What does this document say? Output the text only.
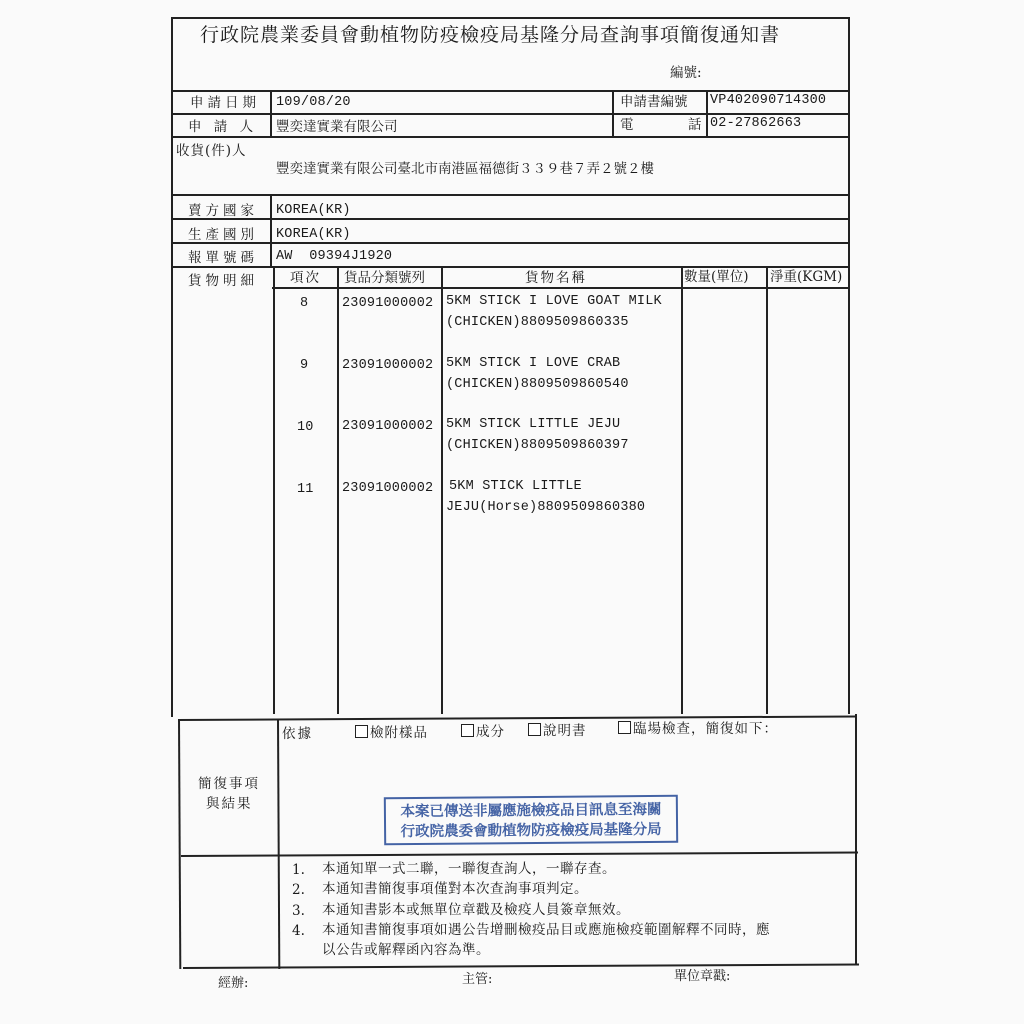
行政院農業委員會動植物防疫檢疫局基隆分局查詢事項簡復通知書
編號:
申請日期 109/08/20	申請書編號 VP402090714300
申 請 人 豐奕達實業有限公司	電	話 02-27862663
收貨(件)人
豐奕達實業有限公司臺北市南港區福德街３３９巷７弄２號２樓
賣方國家 KOREA(KR)
生產國別 KOREA(KR)
報單號碼 AW  09394J1920
貨物明細 項次 貨品分類號列	貨物名稱	數量(單位) 淨重(KGM)
8 23091000002 5KM STICK I LOVE GOAT MILK
(CHICKEN)8809509860335
9 23091000002 5KM STICK I LOVE CRAB
(CHICKEN)8809509860540
10 23091000002 5KM STICK LITTLE JEJU
(CHICKEN)8809509860397
11 23091000002 5KM STICK LITTLE
JEJU(Horse)8809509860380
依據	檢附樣品	成分	說明書	臨場檢查，簡復如下：
簡復事項
與結果	本案已傳送非屬應施檢疫品目訊息至海關
行政院農委會動植物防疫檢疫局基隆分局
1. 本通知單一式二聯，一聯復查詢人，一聯存查。
2. 本通知書簡復事項僅對本次查詢事項判定。
3. 本通知書影本或無單位章戳及檢疫人員簽章無效。
4. 本通知書簡復事項如遇公告增刪檢疫品目或應施檢疫範圍解釋不同時，應
以公告或解釋函內容為準。
經辦:	主管:	單位章戳:
